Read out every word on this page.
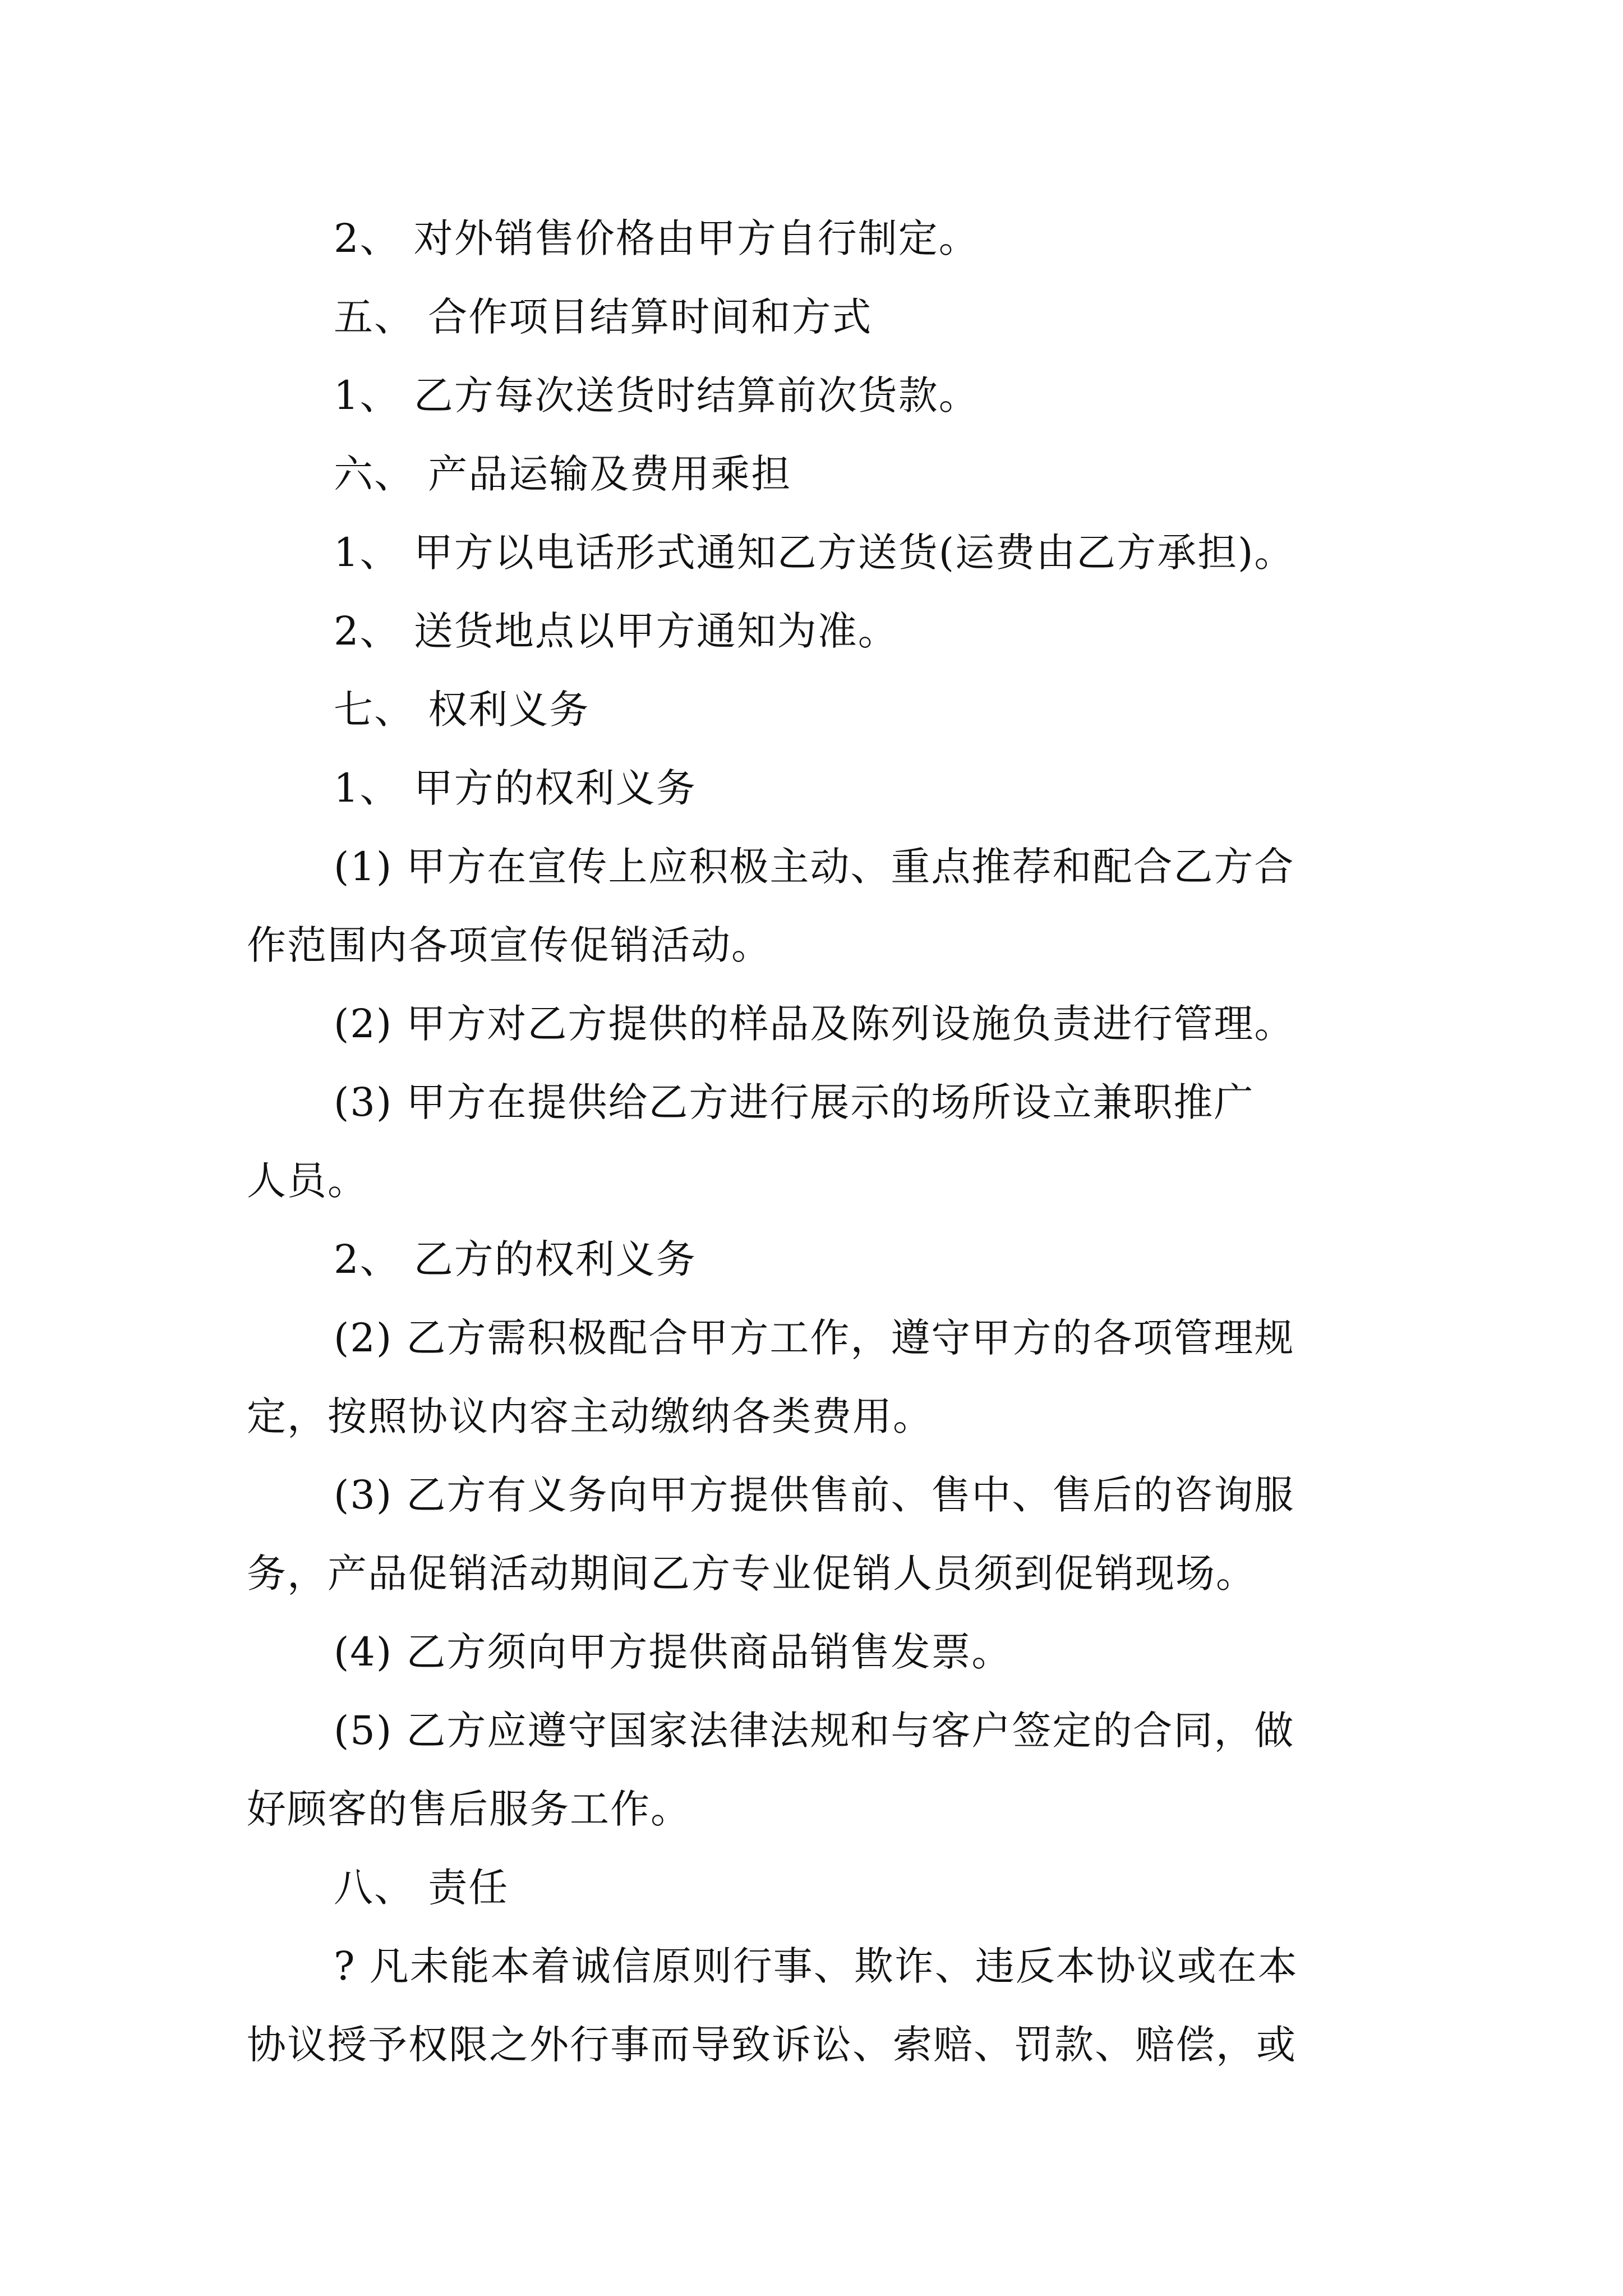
2、 对外销售价格由甲方自行制定。
五、 合作项目结算时间和方式
1、 乙方每次送货时结算前次货款。
六、 产品运输及费用乘担
1、 甲方以电话形式通知乙方送货(运费由乙方承担)。
2、 送货地点以甲方通知为准。
七、 权利义务
1、 甲方的权利义务
(1) 甲方在宣传上应积极主动、重点推荐和配合乙方合
作范围内各项宣传促销活动。
(2) 甲方对乙方提供的样品及陈列设施负责进行管理。
(3) 甲方在提供给乙方进行展示的场所设立兼职推广
人员。
2、 乙方的权利义务
(2) 乙方需积极配合甲方工作，遵守甲方的各项管理规
定，按照协议内容主动缴纳各类费用。
(3) 乙方有义务向甲方提供售前、售中、售后的咨询服
务，产品促销活动期间乙方专业促销人员须到促销现场。
(4) 乙方须向甲方提供商品销售发票。
(5) 乙方应遵守国家法律法规和与客户签定的合同，做
好顾客的售后服务工作。
八、 责任
? 凡未能本着诚信原则行事、欺诈、违反本协议或在本
协议授予权限之外行事而导致诉讼、索赔、罚款、赔偿，或
